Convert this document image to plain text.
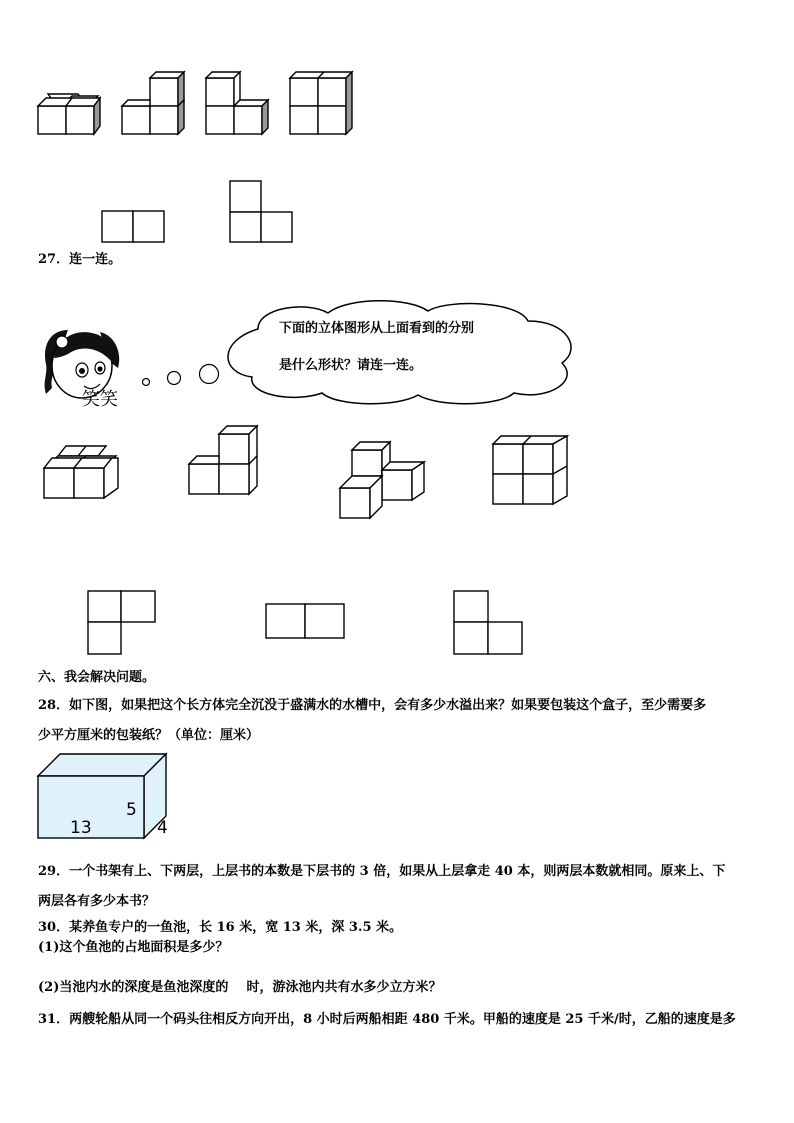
27．连一连。
笑笑
下面的立体图形从上面看到的分别
是什么形状？请连一连。
六、我会解决问题。
28．如下图，如果把这个长方体完全沉没于盛满水的水槽中，会有多少水溢出来？如果要包装这个盒子，至少需要多
少平方厘米的包装纸？（单位：厘米）
13
5
4
29．一个书架有上、下两层，上层书的本数是下层书的 3 倍，如果从上层拿走 40 本，则两层本数就相同。原来上、下
两层各有多少本书？
30．某养鱼专户的一鱼池，长 16 米，宽 13 米，深 3.5 米。
(1)这个鱼池的占地面积是多少？
(2)当池内水的深度是鱼池深度的    时，游泳池内共有水多少立方米？
31．两艘轮船从同一个码头往相反方向开出，8 小时后两船相距 480 千米。甲船的速度是 25 千米/时，乙船的速度是多
